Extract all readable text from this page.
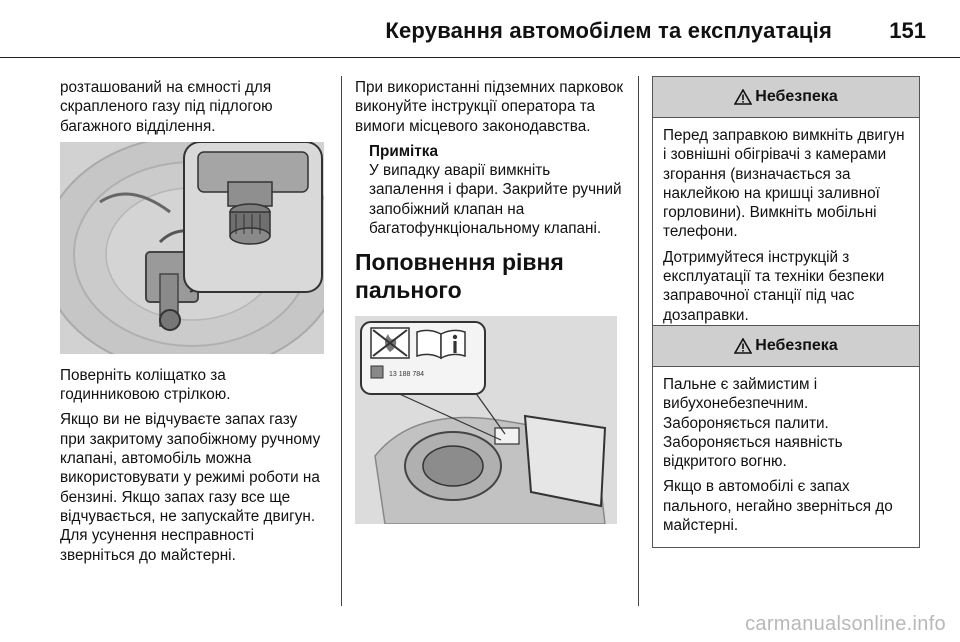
Керування автомобілем та експлуатація	151

розташований на ємності для скрапленого газу під підлогою багажного відділення.

Поверніть коліщатко за годинниковою стрілкою.

Якщо ви не відчуваєте запах газу при закритому запобіжному ручному клапані, автомобіль можна використовувати у режимі роботи на бензині. Якщо запах газу все ще відчувається, не запускайте двигун. Для усунення несправності зверніться до майстерні.

При використанні підземних парковок виконуйте інструкції оператора та вимоги місцевого законодавства.

Примітка
У випадку аварії вимкніть запалення і фари. Закрийте ручний запобіжний клапан на багатофункціональному клапані.
Поповнення рівня пального
13 188 784
Небезпека

Перед заправкою вимкніть двигун і зовнішні обігрівачі з камерами згорання (визначається за наклейкою на кришці заливної горловини). Вимкніть мобільні телефони.

Дотримуйтеся інструкцій з експлуатації та техніки безпеки заправочної станції під час дозаправки.

Небезпека

Пальне є займистим і вибухонебезпечним. Забороняється палити. Забороняється наявність відкритого вогню.

Якщо в автомобілі є запах пального, негайно зверніться до майстерні.

carmanualsonline.info
